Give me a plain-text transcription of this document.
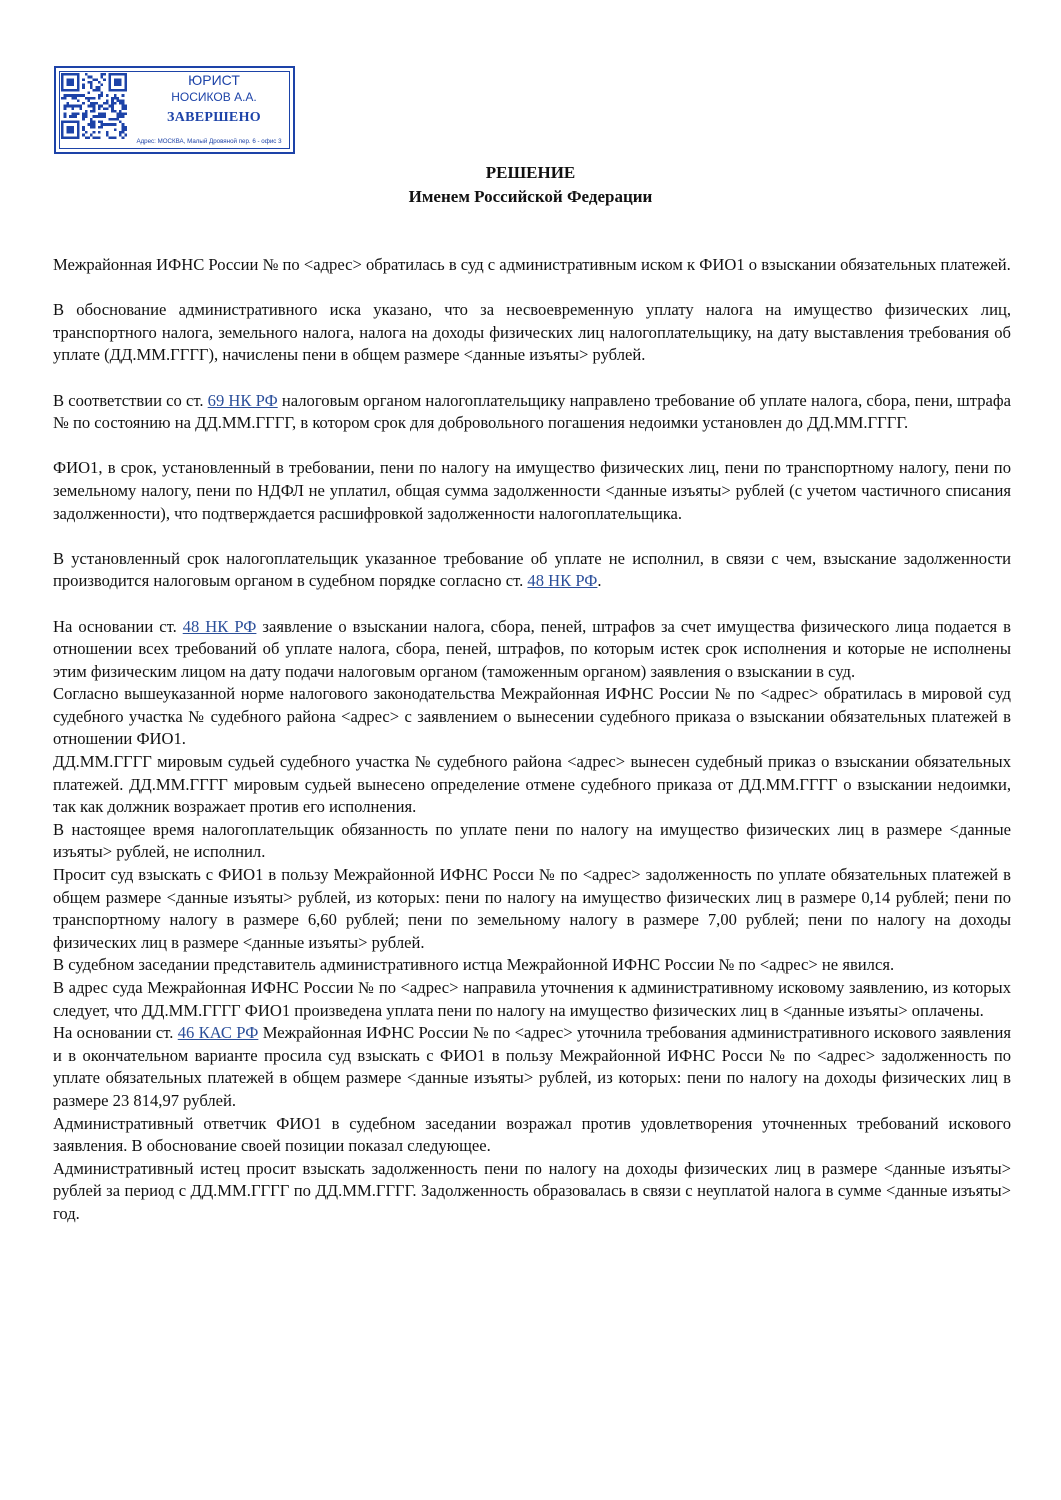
ЮРИСТ
НОСИКОВ А.А.
ЗАВЕРШЕНО
Адрес: МОСКВА, Малый Дровяной пер. 6 - офис 3
РЕШЕНИЕ
Именем Российской Федерации

Межрайонная ИФНС России № по <адрес> обратилась в суд с административным иском к ФИО1 о взыскании обязательных платежей.

В обоснование административного иска указано, что за несвоевременную уплату налога на имущество физических лиц, транспортного налога, земельного налога, налога на доходы физических лиц налогоплательщику, на дату выставления требования об уплате (ДД.ММ.ГГГГ), начислены пени в общем размере <данные изъяты> рублей.

В соответствии со ст. 69 НК РФ налоговым органом налогоплательщику направлено требование об уплате налога, сбора, пени, штрафа № по состоянию на ДД.ММ.ГГГГ, в котором срок для добровольного погашения недоимки установлен до ДД.ММ.ГГГГ.

ФИО1, в срок, установленный в требовании, пени по налогу на имущество физических лиц, пени по транспортному налогу, пени по земельному налогу, пени по НДФЛ не уплатил, общая сумма задолженности <данные изъяты> рублей (с учетом частичного списания задолженности), что подтверждается расшифровкой задолженности налогоплательщика.

В установленный срок налогоплательщик указанное требование об уплате не исполнил, в связи с чем, взыскание задолженности производится налоговым органом в судебном порядке согласно ст. 48 НК РФ.

На основании ст. 48 НК РФ заявление о взыскании налога, сбора, пеней, штрафов за счет имущества физического лица подается в отношении всех требований об уплате налога, сбора, пеней, штрафов, по которым истек срок исполнения и которые не исполнены этим физическим лицом на дату подачи налоговым органом (таможенным органом) заявления о взыскании в суд.

Согласно вышеуказанной норме налогового законодательства Межрайонная ИФНС России № по <адрес> обратилась в мировой суд судебного участка № судебного района <адрес> с заявлением о вынесении судебного приказа о взыскании обязательных платежей в отношении ФИО1.

ДД.ММ.ГГГГ мировым судьей судебного участка № судебного района <адрес> вынесен судебный приказ о взыскании обязательных платежей. ДД.ММ.ГГГГ мировым судьей вынесено определение отмене судебного приказа от ДД.ММ.ГГГГ о взыскании недоимки, так как должник возражает против его исполнения.

В настоящее время налогоплательщик обязанность по уплате пени по налогу на имущество физических лиц в размере <данные изъяты> рублей, не исполнил.

Просит суд взыскать с ФИО1 в пользу Межрайонной ИФНС Росси № по <адрес> задолженность по уплате обязательных платежей в общем размере <данные изъяты> рублей, из которых: пени по налогу на имущество физических лиц в размере 0,14 рублей; пени по транспортному налогу в размере 6,60 рублей; пени по земельному налогу в размере 7,00 рублей; пени по налогу на доходы физических лиц в размере <данные изъяты> рублей.

В судебном заседании представитель административного истца Межрайонной ИФНС России № по <адрес> не явился.

В адрес суда Межрайонная ИФНС России № по <адрес> направила уточнения к административному исковому заявлению, из которых следует, что ДД.ММ.ГГГГ ФИО1 произведена уплата пени по налогу на имущество физических лиц в <данные изъяты> оплачены.

На основании ст. 46 КАС РФ Межрайонная ИФНС России № по <адрес> уточнила требования административного искового заявления и в окончательном варианте просила суд взыскать с ФИО1 в пользу Межрайонной ИФНС Росси № по <адрес> задолженность по уплате обязательных платежей в общем размере <данные изъяты> рублей, из которых: пени по налогу на доходы физических лиц в размере 23 814,97 рублей.

Административный ответчик ФИО1 в судебном заседании возражал против удовлетворения уточненных требований искового заявления. В обоснование своей позиции показал следующее.

Административный истец просит взыскать задолженность пени по налогу на доходы физических лиц в размере <данные изъяты> рублей за период с ДД.ММ.ГГГГ по ДД.ММ.ГГГГ. Задолженность образовалась в связи с неуплатой налога в сумме <данные изъяты> год.
